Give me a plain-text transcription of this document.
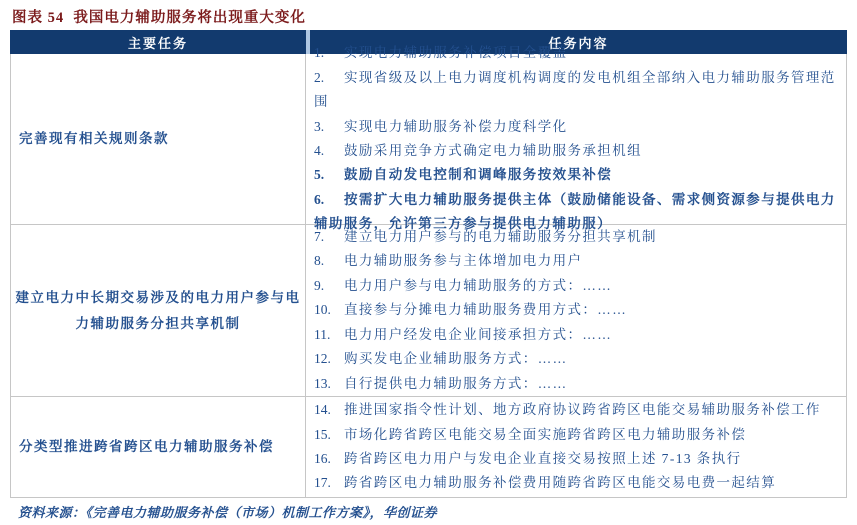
图表 54  我国电力辅助服务将出现重大变化
主要任务	任务内容
完善现有相关规则条款
1. 实现电力辅助服务补偿项目全覆盖
2. 实现省级及以上电力调度机构调度的发电机组全部纳入电力辅助服务管理范围
3. 实现电力辅助服务补偿力度科学化
4. 鼓励采用竞争方式确定电力辅助服务承担机组
5. 鼓励自动发电控制和调峰服务按效果补偿
6. 按需扩大电力辅助服务提供主体（鼓励储能设备、需求侧资源参与提供电力辅助服务，允许第三方参与提供电力辅助服）
建立电力中长期交易涉及的电力用户参与电力辅助服务分担共享机制
7. 建立电力用户参与的电力辅助服务分担共享机制
8. 电力辅助服务参与主体增加电力用户
9. 电力用户参与电力辅助服务的方式：……
10. 直接参与分摊电力辅助服务费用方式：……
11. 电力用户经发电企业间接承担方式：……
12. 购买发电企业辅助服务方式：……
13. 自行提供电力辅助服务方式：……
分类型推进跨省跨区电力辅助服务补偿
14. 推进国家指令性计划、地方政府协议跨省跨区电能交易辅助服务补偿工作
15. 市场化跨省跨区电能交易全面实施跨省跨区电力辅助服务补偿
16. 跨省跨区电力用户与发电企业直接交易按照上述 7-13 条执行
17. 跨省跨区电力辅助服务补偿费用随跨省跨区电能交易电费一起结算
资料来源：《完善电力辅助服务补偿（市场）机制工作方案》，华创证券
